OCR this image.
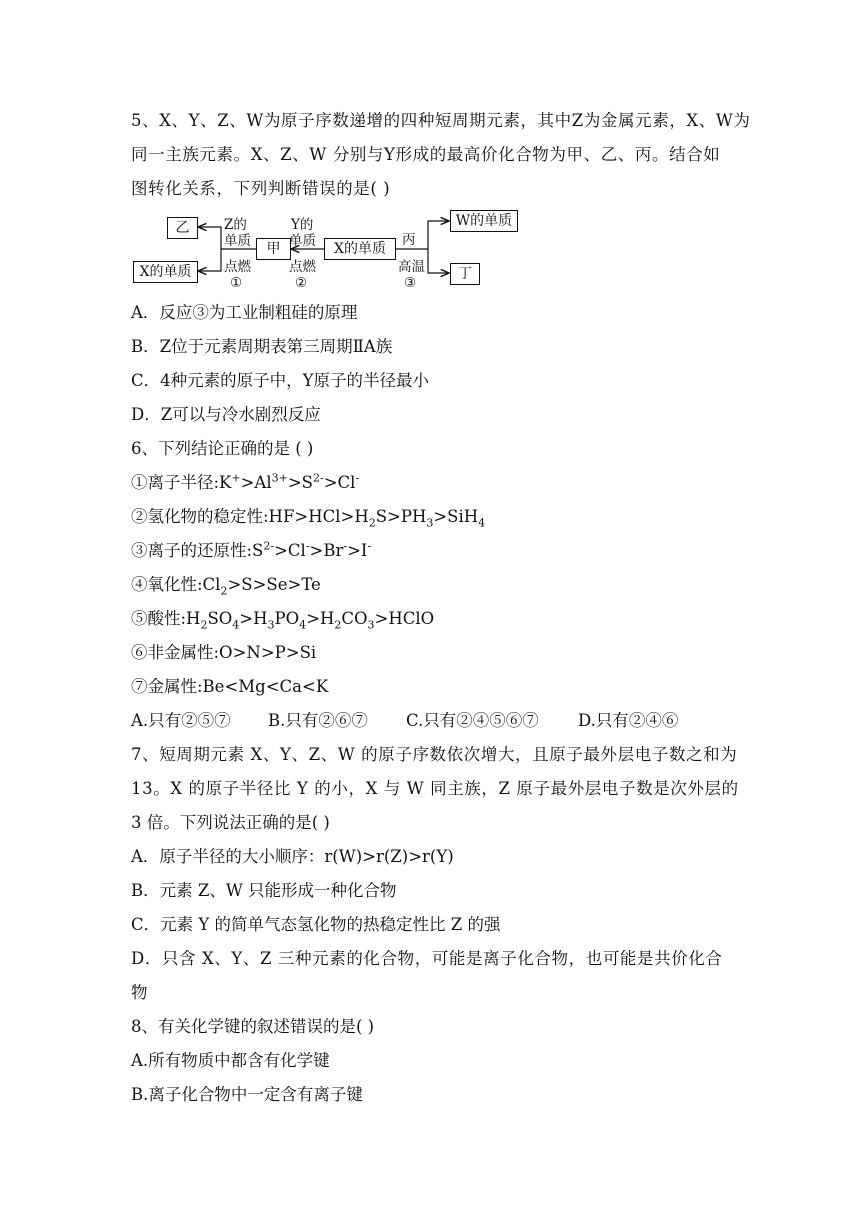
5、X、Y、Z、W为原子序数递增的四种短周期元素，其中Z为金属元素，X、W为
同一主族元素。X、Z、W 分别与Y形成的最高价化合物为甲、乙、丙。结合如
图转化关系，下列判断错误的是( )
乙
X的单质
甲	X的单质
W的单质
丁
Z的
单质
点燃
①
Y的
单质
点燃
②
丙
高温
③
A．反应③为工业制粗硅的原理
B．Z位于元素周期表第三周期ⅡA族
C．4种元素的原子中，Y原子的半径最小
D．Z可以与冷水剧烈反应
6、下列结论正确的是 ( )
①离子半径$:K^+>Al^{3+}>S^{2-}>Cl^-$
②氢化物的稳定性$:HF>HCl>H_2S>PH_3>SiH_4$
③离子的还原性$:S^{2-}>Cl^->Br^->I^-$
④氧化性$:Cl_2>S>Se>Te$
⑤酸性$:H_2SO_4>H_3PO_4>H_2CO_3>HClO$
⑥非金属性:O>N>P>Si
⑦金属性:Be<Mg<Ca<K
A.只有②⑤⑦ B.只有②⑥⑦ C.只有②④⑤⑥⑦ D.只有②④⑥
7、短周期元素 X、Y、Z、W 的原子序数依次增大，且原子最外层电子数之和为
13。X 的原子半径比 Y 的小，X 与 W 同主族，Z 原子最外层电子数是次外层的
3 倍。下列说法正确的是( )
A．原子半径的大小顺序：r(W)>r(Z)>r(Y)
B．元素 Z、W 只能形成一种化合物
C．元素 Y 的简单气态氢化物的热稳定性比 Z 的强
D．只含 X、Y、Z 三种元素的化合物，可能是离子化合物，也可能是共价化合
物
8、有关化学键的叙述错误的是( )
A.所有物质中都含有化学键
B.离子化合物中一定含有离子键
